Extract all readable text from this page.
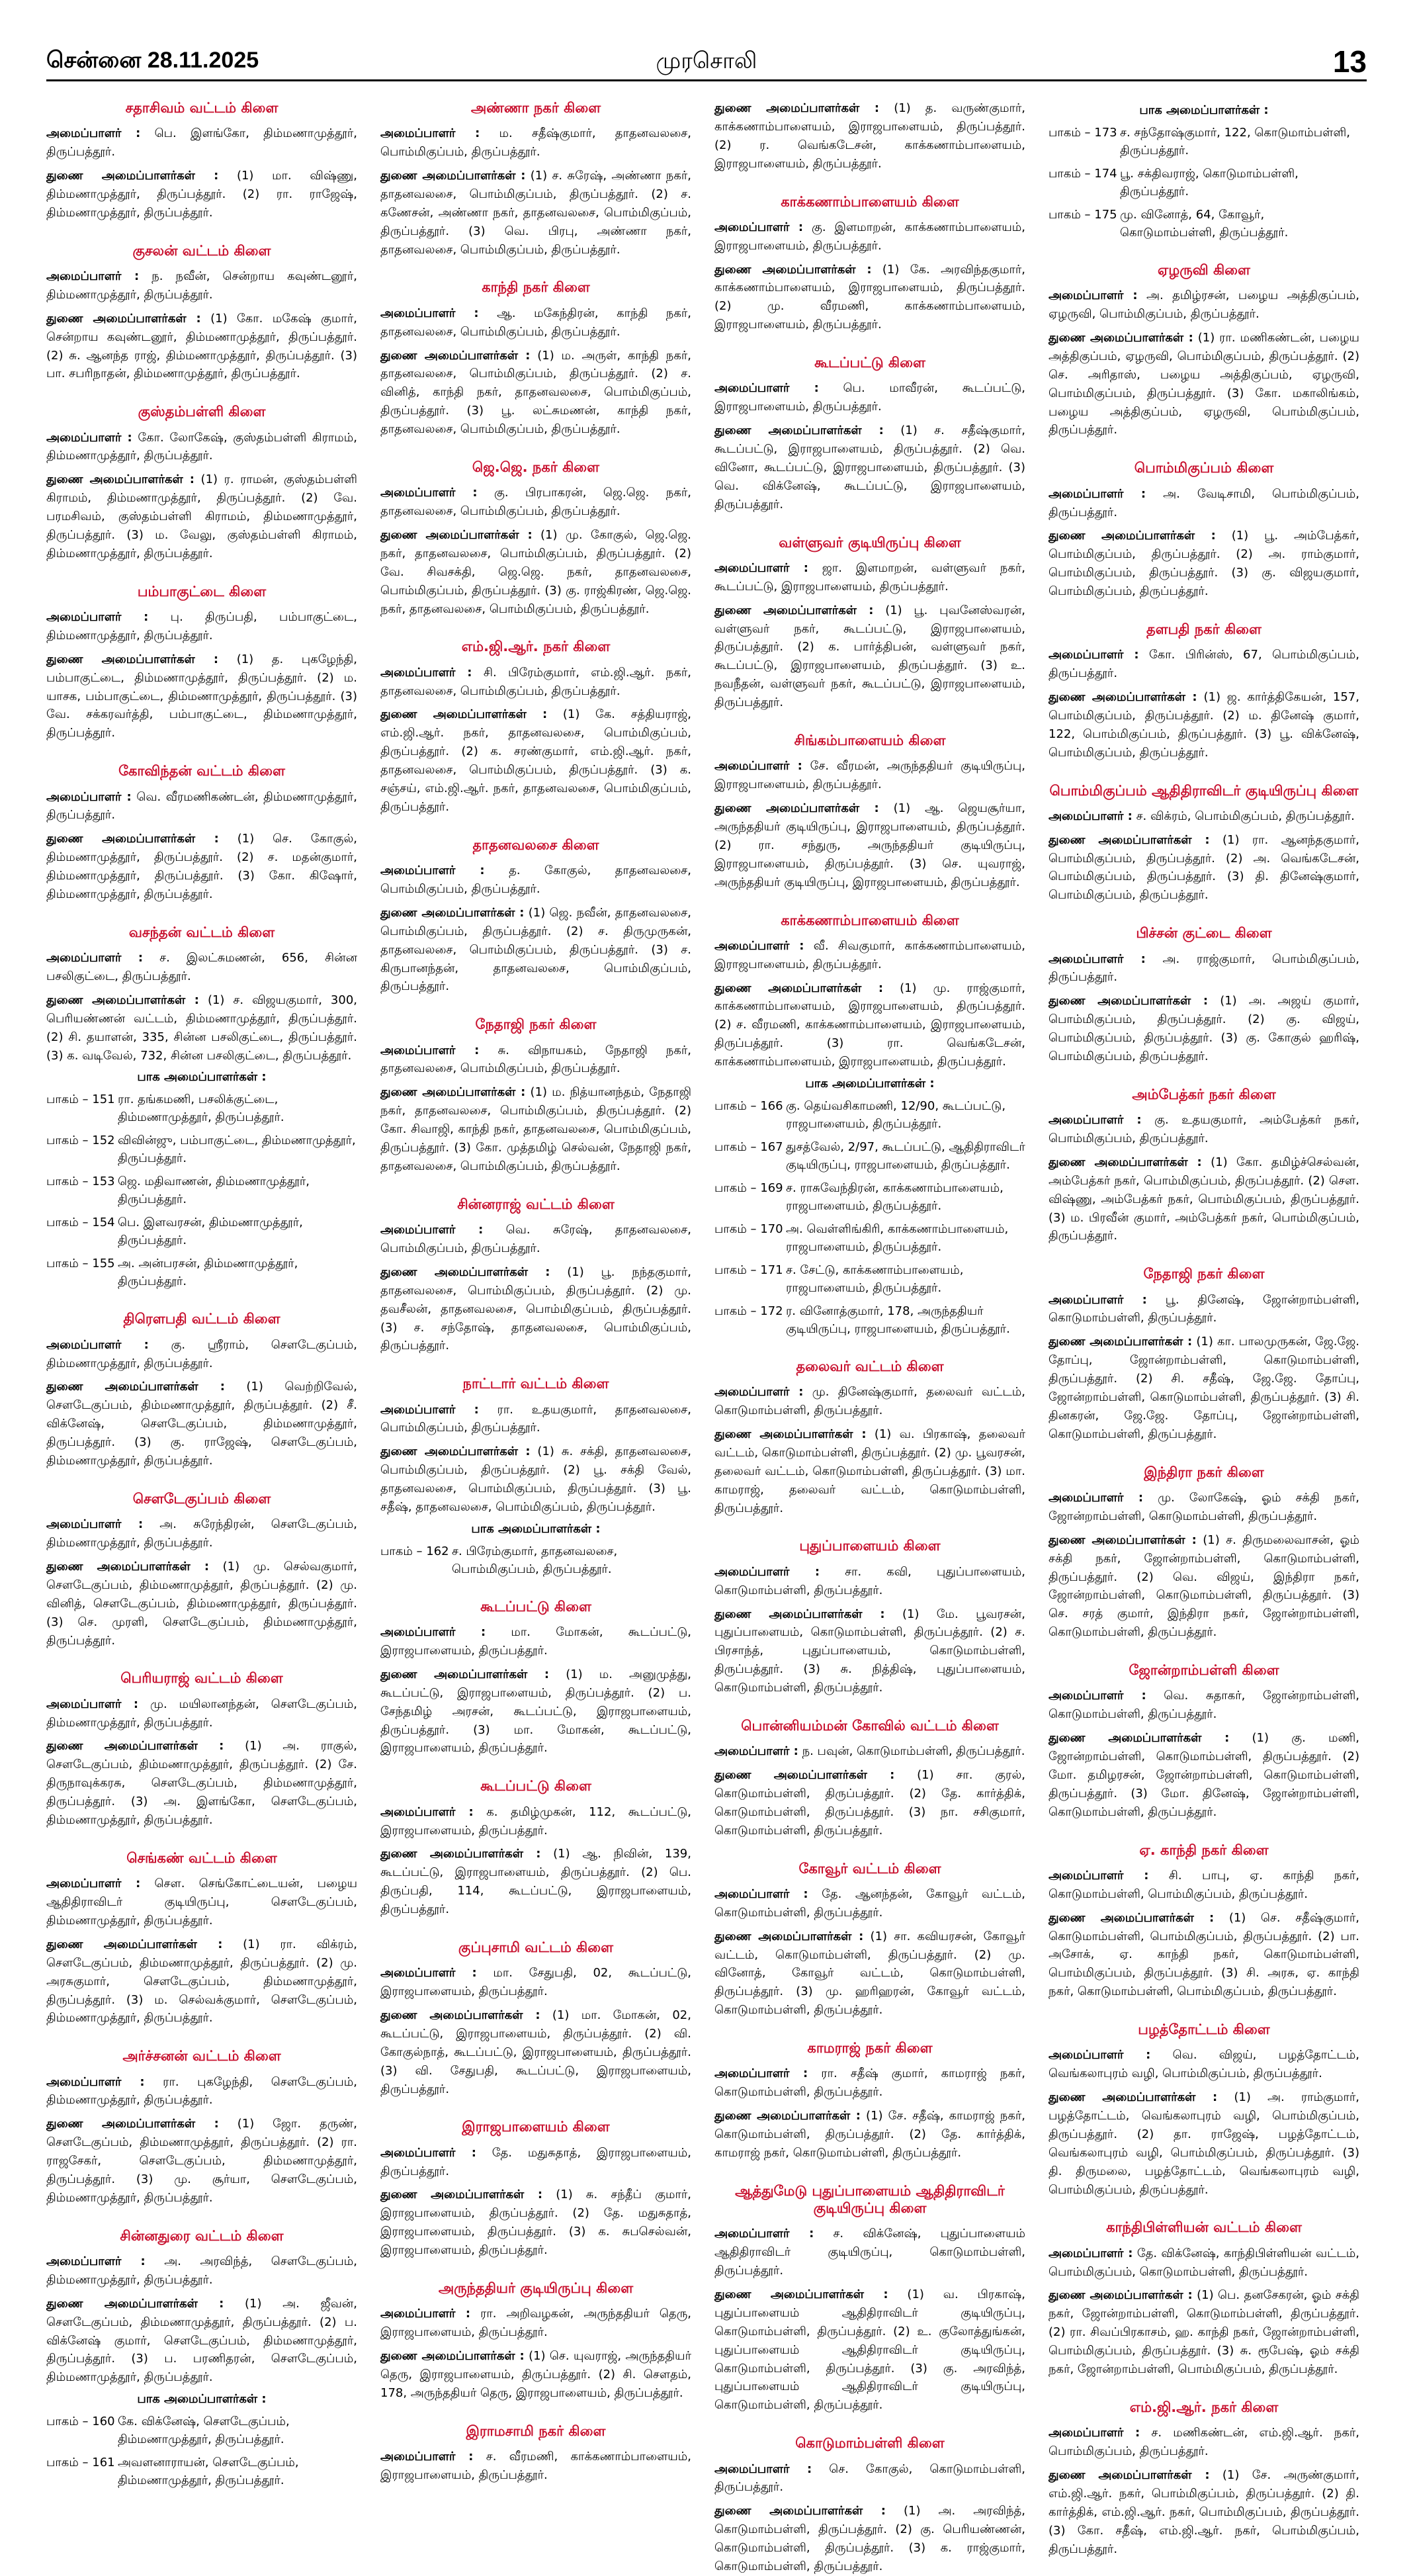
சென்னை 28.11.2025	முரசொலி	13
சதாசிவம் வட்டம் கிளை
அமைப்பாளர் : பெ. இளங்கோ, திம்மணாமுத்தூர், திருப்பத்தூர்.
துணை அமைப்பாளர்கள் : (1) மா. விஷ்ணு, திம்மணாமுத்தூர், திருப்பத்தூர். (2) ரா. ராஜேஷ், திம்மணாமுத்தூர், திருப்பத்தூர்.
குசலன் வட்டம் கிளை
அமைப்பாளர் : ந. நவீன், சென்றாய கவுண்டனூர், திம்மணாமுத்தூர், திருப்பத்தூர்.
துணை அமைப்பாளர்கள் : (1) கோ. மகேஷ் குமார், சென்றாய கவுண்டனூர், திம்மணாமுத்தூர், திருப்பத்தூர். (2) சு. ஆனந்த ராஜ், திம்மணாமுத்தூர், திருப்பத்தூர். (3) பா. சபரிநாதன், திம்மணாமுத்தூர், திருப்பத்தூர்.
குஸ்தம்பள்ளி கிளை
அமைப்பாளர் : கோ. லோகேஷ், குஸ்தம்பள்ளி கிராமம், திம்மணாமுத்தூர், திருப்பத்தூர்.
துணை அமைப்பாளர்கள் : (1) ர. ராமன், குஸ்தம்பள்ளி கிராமம், திம்மணாமுத்தூர், திருப்பத்தூர். (2) வே. பரமசிவம், குஸ்தம்பள்ளி கிராமம், திம்மணாமுத்தூர், திருப்பத்தூர். (3) ம. வேலு, குஸ்தம்பள்ளி கிராமம், திம்மணாமுத்தூர், திருப்பத்தூர்.
பம்பாகுட்டை கிளை
அமைப்பாளர் : பு. திருப்பதி, பம்பாகுட்டை, திம்மணாமுத்தூர், திருப்பத்தூர்.
துணை அமைப்பாளர்கள் : (1) த. புகழேந்தி, பம்பாகுட்டை, திம்மணாமுத்தூர், திருப்பத்தூர். (2) ம. யாசக, பம்பாகுட்டை, திம்மணாமுத்தூர், திருப்பத்தூர். (3) வே. சக்கரவர்த்தி, பம்பாகுட்டை, திம்மணாமுத்தூர், திருப்பத்தூர்.
கோவிந்தன் வட்டம் கிளை
அமைப்பாளர் : வெ. வீரமணிகண்டன், திம்மணாமுத்தூர், திருப்பத்தூர்.
துணை அமைப்பாளர்கள் : (1) செ. கோகுல், திம்மணாமுத்தூர், திருப்பத்தூர். (2) ச. மதன்குமார், திம்மணாமுத்தூர், திருப்பத்தூர். (3) கோ. கிஷோர், திம்மணாமுத்தூர், திருப்பத்தூர்.
வசந்தன் வட்டம் கிளை
அமைப்பாளர் : ச. இலட்சுமணன், 656, சின்ன பசலிகுட்டை, திருப்பத்தூர்.
துணை அமைப்பாளர்கள் : (1) ச. விஜயகுமார், 300, பெரியண்ணன் வட்டம், திம்மணாமுத்தூர், திருப்பத்தூர். (2) சி. தயாளன், 335, சின்ன பசலிகுட்டை, திருப்பத்தூர். (3) க. வடிவேல், 732, சின்ன பசலிகுட்டை, திருப்பத்தூர்.
பாக அமைப்பாளர்கள் :
பாகம் – 151 ரா. தங்கமணி, பசலிக்குட்டை, திம்மணாமுத்தூர், திருப்பத்தூர்.
பாகம் – 152 விவின்ஜு, பம்பாகுட்டை, திம்மணாமுத்தூர், திருப்பத்தூர்.
பாகம் – 153 ஜெ. மதிவாணன், திம்மணாமுத்தூர், திருப்பத்தூர்.
பாகம் – 154 பெ. இளவரசன், திம்மணாமுத்தூர், திருப்பத்தூர்.
பாகம் – 155 அ. அன்பரசன், திம்மணாமுத்தூர், திருப்பத்தூர்.
திரௌபதி வட்டம் கிளை
அமைப்பாளர் : கு. ஸ்ரீராம், செளடேகுப்பம், திம்மணாமுத்தூர், திருப்பத்தூர்.
துணை அமைப்பாளர்கள் : (1) வெற்றிவேல், செளடேகுப்பம், திம்மணாமுத்தூர், திருப்பத்தூர். (2) சீ. விக்னேஷ், செளடேகுப்பம், திம்மணாமுத்தூர், திருப்பத்தூர். (3) கு. ராஜேஷ், செளடேகுப்பம், திம்மணாமுத்தூர், திருப்பத்தூர்.
செளடேகுப்பம் கிளை
அமைப்பாளர் : அ. சுரேந்திரன், செளடேகுப்பம், திம்மணாமுத்தூர், திருப்பத்தூர்.
துணை அமைப்பாளர்கள் : (1) மு. செல்வகுமார், செளடேகுப்பம், திம்மணாமுத்தூர், திருப்பத்தூர். (2) மு. வினித், செளடேகுப்பம், திம்மணாமுத்தூர், திருப்பத்தூர். (3) செ. முரளி, செளடேகுப்பம், திம்மணாமுத்தூர், திருப்பத்தூர்.
பெரியராஜ் வட்டம் கிளை
அமைப்பாளர் : மு. மயிலானந்தன், செளடேகுப்பம், திம்மணாமுத்தூர், திருப்பத்தூர்.
துணை அமைப்பாளர்கள் : (1) அ. ராகுல், செளடேகுப்பம், திம்மணாமுத்தூர், திருப்பத்தூர். (2) சே. திருநாவுக்கரசு, செளடேகுப்பம், திம்மணாமுத்தூர், திருப்பத்தூர். (3) அ. இளங்கோ, செளடேகுப்பம், திம்மணாமுத்தூர், திருப்பத்தூர்.
செங்கண் வட்டம் கிளை
அமைப்பாளர் : சௌ. செங்கோட்டையன், பழைய ஆதிதிராவிடர் குடியிருப்பு, செளடேகுப்பம், திம்மணாமுத்தூர், திருப்பத்தூர்.
துணை அமைப்பாளர்கள் : (1) ரா. விக்ரம், செளடேகுப்பம், திம்மணாமுத்தூர், திருப்பத்தூர். (2) மு. அரசுகுமார், செளடேகுப்பம், திம்மணாமுத்தூர், திருப்பத்தூர். (3) ம. செல்வக்குமார், செளடேகுப்பம், திம்மணாமுத்தூர், திருப்பத்தூர்.
அர்ச்சனன் வட்டம் கிளை
அமைப்பாளர் : ரா. புகழேந்தி, செளடேகுப்பம், திம்மணாமுத்தூர், திருப்பத்தூர்.
துணை அமைப்பாளர்கள் : (1) ஜோ. தருண், செளடேகுப்பம், திம்மணாமுத்தூர், திருப்பத்தூர். (2) ரா. ராஜசேகர், செளடேகுப்பம், திம்மணாமுத்தூர், திருப்பத்தூர். (3) மு. சூர்யா, செளடேகுப்பம், திம்மணாமுத்தூர், திருப்பத்தூர்.
சின்னதுரை வட்டம் கிளை
அமைப்பாளர் : அ. அரவிந்த், செளடேகுப்பம், திம்மணாமுத்தூர், திருப்பத்தூர்.
துணை அமைப்பாளர்கள் : (1) அ. ஜீவன், செளடேகுப்பம், திம்மணாமுத்தூர், திருப்பத்தூர். (2) ப. விக்னேஷ் குமார், செளடேகுப்பம், திம்மணாமுத்தூர், திருப்பத்தூர். (3) ப. பரணிதரன், செளடேகுப்பம், திம்மணாமுத்தூர், திருப்பத்தூர்.
பாக அமைப்பாளர்கள் :
பாகம் – 160 கே. விக்னேஷ், செளடேகுப்பம், திம்மணாமுத்தூர், திருப்பத்தூர்.
பாகம் – 161 அவளனாராயன், செளடேகுப்பம், திம்மணாமுத்தூர், திருப்பத்தூர்.
அண்ணா நகர் கிளை
அமைப்பாளர் : ம. சதீஷ்குமார், தாதனவலசை, பொம்மிகுப்பம், திருப்பத்தூர்.
துணை அமைப்பாளர்கள் : (1) ச. சுரேஷ், அண்ணா நகர், தாதனவலசை, பொம்மிகுப்பம், திருப்பத்தூர். (2) ச. கணேசன், அண்ணா நகர், தாதனவலசை, பொம்மிகுப்பம், திருப்பத்தூர். (3) வெ. பிரபு, அண்ணா நகர், தாதனவலசை, பொம்மிகுப்பம், திருப்பத்தூர்.
காந்தி நகர் கிளை
அமைப்பாளர் : ஆ. மகேந்திரன், காந்தி நகர், தாதனவலசை, பொம்மிகுப்பம், திருப்பத்தூர்.
துணை அமைப்பாளர்கள் : (1) ம. அருள், காந்தி நகர், தாதனவலசை, பொம்மிகுப்பம், திருப்பத்தூர். (2) ச. வினித், காந்தி நகர், தாதனவலசை, பொம்மிகுப்பம், திருப்பத்தூர். (3) பூ. லட்சுமணன், காந்தி நகர், தாதனவலசை, பொம்மிகுப்பம், திருப்பத்தூர்.
ஜெ.ஜெ. நகர் கிளை
அமைப்பாளர் : கு. பிரபாகரன், ஜெ.ஜெ. நகர், தாதனவலசை, பொம்மிகுப்பம், திருப்பத்தூர்.
துணை அமைப்பாளர்கள் : (1) மு. கோகுல், ஜெ.ஜெ. நகர், தாதனவலசை, பொம்மிகுப்பம், திருப்பத்தூர். (2) வே. சிவசக்தி, ஜெ.ஜெ. நகர், தாதனவலசை, பொம்மிகுப்பம், திருப்பத்தூர். (3) கு. ராஜ்கிரண், ஜெ.ஜெ. நகர், தாதனவலசை, பொம்மிகுப்பம், திருப்பத்தூர்.
எம்.ஜி.ஆர். நகர் கிளை
அமைப்பாளர் : சி. பிரேம்குமார், எம்.ஜி.ஆர். நகர், தாதனவலசை, பொம்மிகுப்பம், திருப்பத்தூர்.
துணை அமைப்பாளர்கள் : (1) கே. சத்தியராஜ், எம்.ஜி.ஆர். நகர், தாதனவலசை, பொம்மிகுப்பம், திருப்பத்தூர். (2) க. சரண்குமார், எம்.ஜி.ஆர். நகர், தாதனவலசை, பொம்மிகுப்பம், திருப்பத்தூர். (3) க. சஞ்சய், எம்.ஜி.ஆர். நகர், தாதனவலசை, பொம்மிகுப்பம், திருப்பத்தூர்.
தாதனவலசை கிளை
அமைப்பாளர் : த. கோகுல், தாதனவலசை, பொம்மிகுப்பம், திருப்பத்தூர்.
துணை அமைப்பாளர்கள் : (1) ஜெ. நவீன், தாதனவலசை, பொம்மிகுப்பம், திருப்பத்தூர். (2) ச. திருமுருகன், தாதனவலசை, பொம்மிகுப்பம், திருப்பத்தூர். (3) ச. கிருபானந்தன், தாதனவலசை, பொம்மிகுப்பம், திருப்பத்தூர்.
நேதாஜி நகர் கிளை
அமைப்பாளர் : சு. விநாயகம், நேதாஜி நகர், தாதனவலசை, பொம்மிகுப்பம், திருப்பத்தூர்.
துணை அமைப்பாளர்கள் : (1) ம. நித்யானந்தம், நேதாஜி நகர், தாதனவலசை, பொம்மிகுப்பம், திருப்பத்தூர். (2) கோ. சிவாஜி, காந்தி நகர், தாதனவலசை, பொம்மிகுப்பம், திருப்பத்தூர். (3) கோ. முத்தமிழ் செல்வன், நேதாஜி நகர், தாதனவலசை, பொம்மிகுப்பம், திருப்பத்தூர்.
சின்னராஜ் வட்டம் கிளை
அமைப்பாளர் : வெ. சுரேஷ், தாதனவலசை, பொம்மிகுப்பம், திருப்பத்தூர்.
துணை அமைப்பாளர்கள் : (1) பூ. நந்தகுமார், தாதனவலசை, பொம்மிகுப்பம், திருப்பத்தூர். (2) மு. தவசீலன், தாதனவலசை, பொம்மிகுப்பம், திருப்பத்தூர். (3) ச. சந்தோஷ், தாதனவலசை, பொம்மிகுப்பம், திருப்பத்தூர்.
நாட்டார் வட்டம் கிளை
அமைப்பாளர் : ரா. உதயகுமார், தாதனவலசை, பொம்மிகுப்பம், திருப்பத்தூர்.
துணை அமைப்பாளர்கள் : (1) சு. சக்தி, தாதனவலசை, பொம்மிகுப்பம், திருப்பத்தூர். (2) பூ. சக்தி வேல், தாதனவலசை, பொம்மிகுப்பம், திருப்பத்தூர். (3) பூ. சதீஷ், தாதனவலசை, பொம்மிகுப்பம், திருப்பத்தூர்.
பாக அமைப்பாளர்கள் :
பாகம் – 162 ச. பிரேம்குமார், தாதனவலசை, பொம்மிகுப்பம், திருப்பத்தூர்.
கூடப்பட்டு கிளை
அமைப்பாளர் : மா. மோகன், கூடப்பட்டு, இராஜபாளையம், திருப்பத்தூர்.
துணை அமைப்பாளர்கள் : (1) ம. அனுமுத்து, கூடப்பட்டு, இராஜபாளையம், திருப்பத்தூர். (2) ப. சேந்தமிழ் அரசன், கூடப்பட்டு, இராஜபாளையம், திருப்பத்தூர். (3) மா. மோகன், கூடப்பட்டு, இராஜபாளையம், திருப்பத்தூர்.
கூடப்பட்டு கிளை
அமைப்பாளர் : க. தமிழ்முகன், 112, கூடப்பட்டு, இராஜபாளையம், திருப்பத்தூர்.
துணை அமைப்பாளர்கள் : (1) ஆ. நிவின், 139, கூடப்பட்டு, இராஜபாளையம், திருப்பத்தூர். (2) பெ. திருப்பதி, 114, கூடப்பட்டு, இராஜபாளையம், திருப்பத்தூர்.
குப்புசாமி வட்டம் கிளை
அமைப்பாளர் : மா. சேதுபதி, 02, கூடப்பட்டு, இராஜபாளையம், திருப்பத்தூர்.
துணை அமைப்பாளர்கள் : (1) மா. மோகன், 02, கூடப்பட்டு, இராஜபாளையம், திருப்பத்தூர். (2) வி. கோகுல்நாத், கூடப்பட்டு, இராஜபாளையம், திருப்பத்தூர். (3) வி. சேதுபதி, கூடப்பட்டு, இராஜபாளையம், திருப்பத்தூர்.
இராஜபாளையம் கிளை
அமைப்பாளர் : தே. மதுசுதாத், இராஜபாளையம், திருப்பத்தூர்.
துணை அமைப்பாளர்கள் : (1) சு. சந்தீப் குமார், இராஜபாளையம், திருப்பத்தூர். (2) தே. மதுசுதாத், இராஜபாளையம், திருப்பத்தூர். (3) க. சுபசெல்வன், இராஜபாளையம், திருப்பத்தூர்.
அருந்ததியர் குடியிருப்பு கிளை
அமைப்பாளர் : ரா. அறிவழகன், அருந்ததியர் தெரு, இராஜபாளையம், திருப்பத்தூர்.
துணை அமைப்பாளர்கள் : (1) செ. யுவராஜ், அருந்ததியர் தெரு, இராஜபாளையம், திருப்பத்தூர். (2) சி. சௌதம், 178, அருந்ததியர் தெரு, இராஜபாளையம், திருப்பத்தூர்.
இராமசாமி நகர் கிளை
அமைப்பாளர் : ச. வீரமணி, காக்கணாம்பாளையம், இராஜபாளையம், திருப்பத்தூர்.
துணை அமைப்பாளர்கள் : (1) த. வருண்குமார், காக்கணாம்பாளையம், இராஜபாளையம், திருப்பத்தூர். (2) ர. வெங்கடேசன், காக்கணாம்பாளையம், இராஜபாளையம், திருப்பத்தூர்.
காக்கணாம்பாளையம் கிளை
அமைப்பாளர் : கு. இளமாறன், காக்கணாம்பாளையம், இராஜபாளையம், திருப்பத்தூர்.
துணை அமைப்பாளர்கள் : (1) கே. அரவிந்தகுமார், காக்கணாம்பாளையம், இராஜபாளையம், திருப்பத்தூர். (2) மு. வீரமணி, காக்கணாம்பாளையம், இராஜபாளையம், திருப்பத்தூர்.
கூடப்பட்டு கிளை
அமைப்பாளர் : பெ. மாவீரன், கூடப்பட்டு, இராஜபாளையம், திருப்பத்தூர்.
துணை அமைப்பாளர்கள் : (1) ச. சதீஷ்குமார், கூடப்பட்டு, இராஜபாளையம், திருப்பத்தூர். (2) வெ. வினோ, கூடப்பட்டு, இராஜபாளையம், திருப்பத்தூர். (3) வெ. விக்னேஷ், கூடப்பட்டு, இராஜபாளையம், திருப்பத்தூர்.
வள்ளுவர் குடியிருப்பு கிளை
அமைப்பாளர் : ஜா. இளமாறன், வள்ளுவர் நகர், கூடப்பட்டு, இராஜபாளையம், திருப்பத்தூர்.
துணை அமைப்பாளர்கள் : (1) பூ. புவனேஸ்வரன், வள்ளுவர் நகர், கூடப்பட்டு, இராஜபாளையம், திருப்பத்தூர். (2) க. பார்த்திபன், வள்ளுவர் நகர், கூடப்பட்டு, இராஜபாளையம், திருப்பத்தூர். (3) உ. நவநீதன், வள்ளுவர் நகர், கூடப்பட்டு, இராஜபாளையம், திருப்பத்தூர்.
சிங்கம்பாளையம் கிளை
அமைப்பாளர் : சே. வீரமன், அருந்ததியர் குடியிருப்பு, இராஜபாளையம், திருப்பத்தூர்.
துணை அமைப்பாளர்கள் : (1) ஆ. ஜெயசூர்யா, அருந்ததியர் குடியிருப்பு, இராஜபாளையம், திருப்பத்தூர். (2) ரா. சந்துரு, அருந்ததியர் குடியிருப்பு, இராஜபாளையம், திருப்பத்தூர். (3) செ. யுவராஜ், அருந்ததியர் குடியிருப்பு, இராஜபாளையம், திருப்பத்தூர்.
காக்கணாம்பாளையம் கிளை
அமைப்பாளர் : வீ. சிவகுமார், காக்கணாம்பாளையம், இராஜபாளையம், திருப்பத்தூர்.
துணை அமைப்பாளர்கள் : (1) மு. ராஜ்குமார், காக்கணாம்பாளையம், இராஜபாளையம், திருப்பத்தூர். (2) ச. வீரமணி, காக்கணாம்பாளையம், இராஜபாளையம், திருப்பத்தூர். (3) ரா. வெங்கடேசன், காக்கணாம்பாளையம், இராஜபாளையம், திருப்பத்தூர்.
பாக அமைப்பாளர்கள் :
பாகம் – 166 கு. தெய்வசிகாமணி, 12/90, கூடப்பட்டு, ராஜபாளையம், திருப்பத்தூர்.
பாகம் – 167 துசத்வேல், 2/97, கூடப்பட்டு, ஆதிதிராவிடர் குடியிருப்பு, ராஜபாளையம், திருப்பத்தூர்.
பாகம் – 169 ச. ராசுவேந்திரன், காக்கணாம்பாளையம், ராஜபாளையம், திருப்பத்தூர்.
பாகம் – 170 அ. வெள்ளிங்கிரி, காக்கணாம்பாளையம், ராஜபாளையம், திருப்பத்தூர்.
பாகம் – 171 ச. சேட்டு, காக்கணாம்பாளையம், ராஜபாளையம், திருப்பத்தூர்.
பாகம் – 172 ர. வினோத்குமார், 178, அருந்ததியர் குடியிருப்பு, ராஜபாளையம், திருப்பத்தூர்.
தலைவர் வட்டம் கிளை
அமைப்பாளர் : மு. தினேஷ்குமார், தலைவர் வட்டம், கொடுமாம்பள்ளி, திருப்பத்தூர்.
துணை அமைப்பாளர்கள் : (1) வ. பிரகாஷ், தலைவர் வட்டம், கொடுமாம்பள்ளி, திருப்பத்தூர். (2) மு. பூவரசன், தலைவர் வட்டம், கொடுமாம்பள்ளி, திருப்பத்தூர். (3) மா. காமராஜ், தலைவர் வட்டம், கொடுமாம்பள்ளி, திருப்பத்தூர்.
புதுப்பாளையம் கிளை
அமைப்பாளர் : சா. கவி, புதுப்பாளையம், கொடுமாம்பள்ளி, திருப்பத்தூர்.
துணை அமைப்பாளர்கள் : (1) மே. பூவரசன், புதுப்பாளையம், கொடுமாம்பள்ளி, திருப்பத்தூர். (2) ச. பிரசாந்த், புதுப்பாளையம், கொடுமாம்பள்ளி, திருப்பத்தூர். (3) சு. நித்திஷ், புதுப்பாளையம், கொடுமாம்பள்ளி, திருப்பத்தூர்.
பொன்னியம்மன் கோவில் வட்டம் கிளை
அமைப்பாளர் : ந. பவுன், கொடுமாம்பள்ளி, திருப்பத்தூர்.
துணை அமைப்பாளர்கள் : (1) சா. குரல், கொடுமாம்பள்ளி, திருப்பத்தூர். (2) தே. கார்த்திக், கொடுமாம்பள்ளி, திருப்பத்தூர். (3) நா. சசிகுமார், கொடுமாம்பள்ளி, திருப்பத்தூர்.
கோவூர் வட்டம் கிளை
அமைப்பாளர் : தே. ஆனந்தன், கோவூர் வட்டம், கொடுமாம்பள்ளி, திருப்பத்தூர்.
துணை அமைப்பாளர்கள் : (1) சா. கவியரசன், கோவூர் வட்டம், கொடுமாம்பள்ளி, திருப்பத்தூர். (2) மு. வினோத், கோவூர் வட்டம், கொடுமாம்பள்ளி, திருப்பத்தூர். (3) மு. ஹரிஹரன், கோவூர் வட்டம், கொடுமாம்பள்ளி, திருப்பத்தூர்.
காமராஜ் நகர் கிளை
அமைப்பாளர் : ரா. சதீஷ் குமார், காமராஜ் நகர், கொடுமாம்பள்ளி, திருப்பத்தூர்.
துணை அமைப்பாளர்கள் : (1) சே. சதீஷ், காமராஜ் நகர், கொடுமாம்பள்ளி, திருப்பத்தூர். (2) தே. கார்த்திக், காமராஜ் நகர், கொடுமாம்பள்ளி, திருப்பத்தூர்.
ஆத்துமேடு புதுப்பாளையம் ஆதிதிராவிடர் குடியிருப்பு கிளை
அமைப்பாளர் : ச. விக்னேஷ், புதுப்பாளையம் ஆதிதிராவிடர் குடியிருப்பு, கொடுமாம்பள்ளி, திருப்பத்தூர்.
துணை அமைப்பாளர்கள் : (1) வ. பிரகாஷ், புதுப்பாளையம் ஆதிதிராவிடர் குடியிருப்பு, கொடுமாம்பள்ளி, திருப்பத்தூர். (2) உ. குலோத்துங்கன், புதுப்பாளையம் ஆதிதிராவிடர் குடியிருப்பு, கொடுமாம்பள்ளி, திருப்பத்தூர். (3) கு. அரவிந்த், புதுப்பாளையம் ஆதிதிராவிடர் குடியிருப்பு, கொடுமாம்பள்ளி, திருப்பத்தூர்.
கொடுமாம்பள்ளி கிளை
அமைப்பாளர் : செ. கோகுல், கொடுமாம்பள்ளி, திருப்பத்தூர்.
துணை அமைப்பாளர்கள் : (1) அ. அரவிந்த், கொடுமாம்பள்ளி, திருப்பத்தூர். (2) கு. பெரியண்ணன், கொடுமாம்பள்ளி, திருப்பத்தூர். (3) க. ராஜ்குமார், கொடுமாம்பள்ளி, திருப்பத்தூர்.
பாக அமைப்பாளர்கள் :
பாகம் – 173 ச. சந்தோஷ்குமார், 122, கொடுமாம்பள்ளி, திருப்பத்தூர்.
பாகம் – 174 பூ. சக்திவராஜ், கொடுமாம்பள்ளி, திருப்பத்தூர்.
பாகம் – 175 மு. வினோத், 64, கோவூர், கொடுமாம்பள்ளி, திருப்பத்தூர்.
ஏழருவி கிளை
அமைப்பாளர் : அ. தமிழ்ரசன், பழைய அத்திகுப்பம், ஏழருவி, பொம்மிகுப்பம், திருப்பத்தூர்.
துணை அமைப்பாளர்கள் : (1) ரா. மணிகண்டன், பழைய அத்திகுப்பம், ஏழருவி, பொம்மிகுப்பம், திருப்பத்தூர். (2) செ. அரிதாஸ், பழைய அத்திகுப்பம், ஏழருவி, பொம்மிகுப்பம், திருப்பத்தூர். (3) கோ. மகாலிங்கம், பழைய அத்திகுப்பம், ஏழருவி, பொம்மிகுப்பம், திருப்பத்தூர்.
பொம்மிகுப்பம் கிளை
அமைப்பாளர் : அ. வேடிசாமி, பொம்மிகுப்பம், திருப்பத்தூர்.
துணை அமைப்பாளர்கள் : (1) பூ. அம்பேத்கர், பொம்மிகுப்பம், திருப்பத்தூர். (2) அ. ராம்குமார், பொம்மிகுப்பம், திருப்பத்தூர். (3) கு. விஜயகுமார், பொம்மிகுப்பம், திருப்பத்தூர்.
தளபதி நகர் கிளை
அமைப்பாளர் : கோ. பிரின்ஸ், 67, பொம்மிகுப்பம், திருப்பத்தூர்.
துணை அமைப்பாளர்கள் : (1) ஜ. கார்த்திகேயன், 157, பொம்மிகுப்பம், திருப்பத்தூர். (2) ம. தினேஷ் குமார், 122, பொம்மிகுப்பம், திருப்பத்தூர். (3) பூ. விக்னேஷ், பொம்மிகுப்பம், திருப்பத்தூர்.
பொம்மிகுப்பம் ஆதிதிராவிடர் குடியிருப்பு கிளை
அமைப்பாளர் : ச. விக்ரம், பொம்மிகுப்பம், திருப்பத்தூர்.
துணை அமைப்பாளர்கள் : (1) ரா. ஆனந்தகுமார், பொம்மிகுப்பம், திருப்பத்தூர். (2) அ. வெங்கடேசன், பொம்மிகுப்பம், திருப்பத்தூர். (3) தி. தினேஷ்குமார், பொம்மிகுப்பம், திருப்பத்தூர்.
பிச்சன் குட்டை கிளை
அமைப்பாளர் : அ. ராஜ்குமார், பொம்மிகுப்பம், திருப்பத்தூர்.
துணை அமைப்பாளர்கள் : (1) அ. அஜய் குமார், பொம்மிகுப்பம், திருப்பத்தூர். (2) கு. விஜய், பொம்மிகுப்பம், திருப்பத்தூர். (3) கு. கோகுல் ஹரிஷ், பொம்மிகுப்பம், திருப்பத்தூர்.
அம்பேத்கர் நகர் கிளை
அமைப்பாளர் : கு. உதயகுமார், அம்பேத்கர் நகர், பொம்மிகுப்பம், திருப்பத்தூர்.
துணை அமைப்பாளர்கள் : (1) கோ. தமிழ்ச்செல்வன், அம்பேத்கர் நகர், பொம்மிகுப்பம், திருப்பத்தூர். (2) சௌ. விஷ்ணு, அம்பேத்கர் நகர், பொம்மிகுப்பம், திருப்பத்தூர். (3) ம. பிரவீன் குமார், அம்பேத்கர் நகர், பொம்மிகுப்பம், திருப்பத்தூர்.
நேதாஜி நகர் கிளை
அமைப்பாளர் : பூ. தினேஷ், ஜோன்றாம்பள்ளி, கொடுமாம்பள்ளி, திருப்பத்தூர்.
துணை அமைப்பாளர்கள் : (1) கா. பாலமுருகன், ஜே.ஜே. தோப்பு, ஜோன்றாம்பள்ளி, கொடுமாம்பள்ளி, திருப்பத்தூர். (2) சி. சதீஷ், ஜே.ஜே. தோப்பு, ஜோன்றாம்பள்ளி, கொடுமாம்பள்ளி, திருப்பத்தூர். (3) சி. தினகரன், ஜே.ஜே. தோப்பு, ஜோன்றாம்பள்ளி, கொடுமாம்பள்ளி, திருப்பத்தூர்.
இந்திரா நகர் கிளை
அமைப்பாளர் : மு. லோகேஷ், ஓம் சக்தி நகர், ஜோன்றாம்பள்ளி, கொடுமாம்பள்ளி, திருப்பத்தூர்.
துணை அமைப்பாளர்கள் : (1) ச. திருமலைவாசன், ஓம் சக்தி நகர், ஜோன்றாம்பள்ளி, கொடுமாம்பள்ளி, திருப்பத்தூர். (2) வெ. விஜய், இந்திரா நகர், ஜோன்றாம்பள்ளி, கொடுமாம்பள்ளி, திருப்பத்தூர். (3) செ. சரத் குமார், இந்திரா நகர், ஜோன்றாம்பள்ளி, கொடுமாம்பள்ளி, திருப்பத்தூர்.
ஜோன்றாம்பள்ளி கிளை
அமைப்பாளர் : வெ. சுதாகர், ஜோன்றாம்பள்ளி, கொடுமாம்பள்ளி, திருப்பத்தூர்.
துணை அமைப்பாளர்கள் : (1) கு. மணி, ஜோன்றாம்பள்ளி, கொடுமாம்பள்ளி, திருப்பத்தூர். (2) மோ. தமிழரசன், ஜோன்றாம்பள்ளி, கொடுமாம்பள்ளி, திருப்பத்தூர். (3) மோ. தினேஷ், ஜோன்றாம்பள்ளி, கொடுமாம்பள்ளி, திருப்பத்தூர்.
ஏ. காந்தி நகர் கிளை
அமைப்பாளர் : சி. பாபு, ஏ. காந்தி நகர், கொடுமாம்பள்ளி, பொம்மிகுப்பம், திருப்பத்தூர்.
துணை அமைப்பாளர்கள் : (1) செ. சதீஷ்குமார், கொடுமாம்பள்ளி, பொம்மிகுப்பம், திருப்பத்தூர். (2) பா. அசோக், ஏ. காந்தி நகர், கொடுமாம்பள்ளி, பொம்மிகுப்பம், திருப்பத்தூர். (3) சி. அரசு, ஏ. காந்தி நகர், கொடுமாம்பள்ளி, பொம்மிகுப்பம், திருப்பத்தூர்.
பழத்தோட்டம் கிளை
அமைப்பாளர் : வெ. விஜய், பழத்தோட்டம், வெங்கலாபுரம் வழி, பொம்மிகுப்பம், திருப்பத்தூர்.
துணை அமைப்பாளர்கள் : (1) அ. ராம்குமார், பழத்தோட்டம், வெங்கலாபுரம் வழி, பொம்மிகுப்பம், திருப்பத்தூர். (2) தா. ராஜேஷ், பழத்தோட்டம், வெங்கலாபுரம் வழி, பொம்மிகுப்பம், திருப்பத்தூர். (3) தி. திருமலை, பழத்தோட்டம், வெங்கலாபுரம் வழி, பொம்மிகுப்பம், திருப்பத்தூர்.
காந்திபிள்ளியன் வட்டம் கிளை
அமைப்பாளர் : தே. விக்னேஷ், காந்திபிள்ளியன் வட்டம், பொம்மிகுப்பம், கொடுமாம்பள்ளி, திருப்பத்தூர்.
துணை அமைப்பாளர்கள் : (1) பெ. தனசேகரன், ஓம் சக்தி நகர், ஜோன்றாம்பள்ளி, கொடுமாம்பள்ளி, திருப்பத்தூர். (2) ரா. சிவப்பிரகாசம், ஹ. காந்தி நகர், ஜோன்றாம்பள்ளி, பொம்மிகுப்பம், திருப்பத்தூர். (3) சு. ரூபேஷ், ஓம் சக்தி நகர், ஜோன்றாம்பள்ளி, பொம்மிகுப்பம், திருப்பத்தூர்.
எம்.ஜி.ஆர். நகர் கிளை
அமைப்பாளர் : ச. மணிகண்டன், எம்.ஜி.ஆர். நகர், பொம்மிகுப்பம், திருப்பத்தூர்.
துணை அமைப்பாளர்கள் : (1) சே. அருண்குமார், எம்.ஜி.ஆர். நகர், பொம்மிகுப்பம், திருப்பத்தூர். (2) தி. கார்த்திக், எம்.ஜி.ஆர். நகர், பொம்மிகுப்பம், திருப்பத்தூர். (3) கோ. சதீஷ், எம்.ஜி.ஆர். நகர், பொம்மிகுப்பம், திருப்பத்தூர்.
